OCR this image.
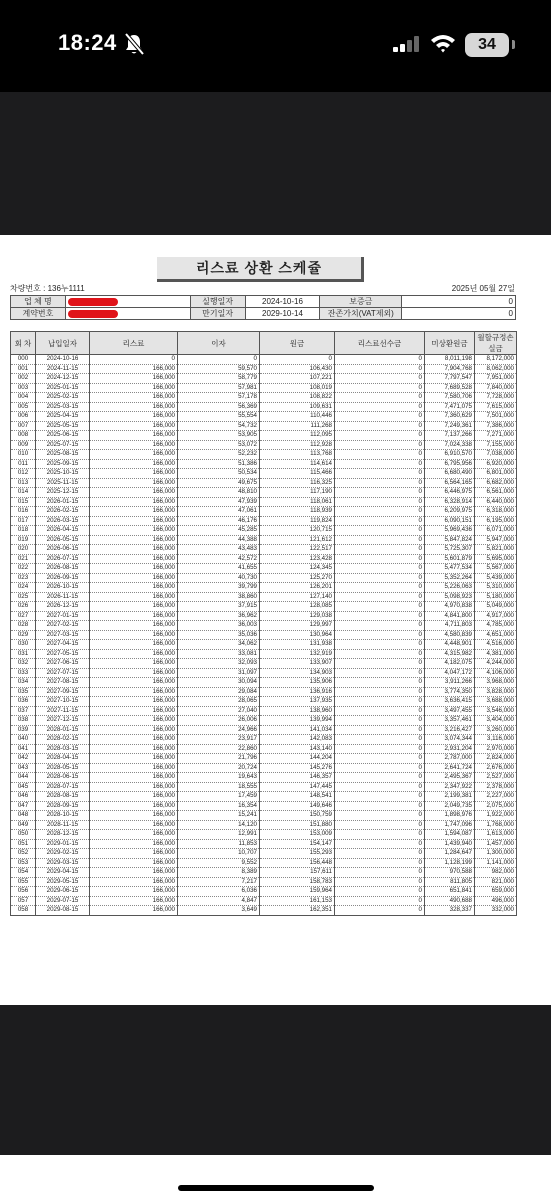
18:24	34
리스료 상환 스케쥴
차량번호 : 136누1111	2025년 05월 27일
업 체 명		실행일자	2024-10-16	보증금	0
계약번호		만기일자	2029-10-14	잔존가치(VAT제외)	0
회 차	납입일자	리스료	이자	원금	리스료선수금	미상환원금	월할규정손실금
000	2024-10-16	0	0	0	0	8,011,198	8,172,000
001	2024-11-15	166,000	59,570	106,430	0	7,904,768	8,062,000
002	2024-12-15	166,000	58,779	107,221	0	7,797,547	7,951,000
003	2025-01-15	166,000	57,981	108,019	0	7,689,528	7,840,000
004	2025-02-15	166,000	57,178	108,822	0	7,580,706	7,728,000
005	2025-03-15	166,000	56,369	109,631	0	7,471,075	7,615,000
006	2025-04-15	166,000	55,554	110,446	0	7,360,629	7,501,000
007	2025-05-15	166,000	54,732	111,268	0	7,249,361	7,386,000
008	2025-06-15	166,000	53,905	112,095	0	7,137,266	7,271,000
009	2025-07-15	166,000	53,072	112,928	0	7,024,338	7,155,000
010	2025-08-15	166,000	52,232	113,768	0	6,910,570	7,038,000
011	2025-09-15	166,000	51,386	114,614	0	6,795,956	6,920,000
012	2025-10-15	166,000	50,534	115,466	0	6,680,490	6,801,000
013	2025-11-15	166,000	49,675	116,325	0	6,564,165	6,682,000
014	2025-12-15	166,000	48,810	117,190	0	6,446,975	6,561,000
015	2026-01-15	166,000	47,939	118,061	0	6,328,914	6,440,000
016	2026-02-15	166,000	47,061	118,939	0	6,209,975	6,318,000
017	2026-03-15	166,000	46,176	119,824	0	6,090,151	6,195,000
018	2026-04-15	166,000	45,285	120,715	0	5,969,436	6,071,000
019	2026-05-15	166,000	44,388	121,612	0	5,847,824	5,947,000
020	2026-06-15	166,000	43,483	122,517	0	5,725,307	5,821,000
021	2026-07-15	166,000	42,572	123,428	0	5,601,879	5,695,000
022	2026-08-15	166,000	41,655	124,345	0	5,477,534	5,567,000
023	2026-09-15	166,000	40,730	125,270	0	5,352,264	5,439,000
024	2026-10-15	166,000	39,799	126,201	0	5,226,063	5,310,000
025	2026-11-15	166,000	38,860	127,140	0	5,098,923	5,180,000
026	2026-12-15	166,000	37,915	128,085	0	4,970,838	5,049,000
027	2027-01-15	166,000	36,962	129,038	0	4,841,800	4,917,000
028	2027-02-15	166,000	36,003	129,997	0	4,711,803	4,785,000
029	2027-03-15	166,000	35,036	130,964	0	4,580,839	4,651,000
030	2027-04-15	166,000	34,062	131,938	0	4,448,901	4,516,000
031	2027-05-15	166,000	33,081	132,919	0	4,315,982	4,381,000
032	2027-06-15	166,000	32,093	133,907	0	4,182,075	4,244,000
033	2027-07-15	166,000	31,097	134,903	0	4,047,172	4,106,000
034	2027-08-15	166,000	30,094	135,906	0	3,911,266	3,968,000
035	2027-09-15	166,000	29,084	136,916	0	3,774,350	3,828,000
036	2027-10-15	166,000	28,065	137,935	0	3,636,415	3,688,000
037	2027-11-15	166,000	27,040	138,960	0	3,497,455	3,546,000
038	2027-12-15	166,000	26,006	139,994	0	3,357,461	3,404,000
039	2028-01-15	166,000	24,966	141,034	0	3,216,427	3,260,000
040	2028-02-15	166,000	23,917	142,083	0	3,074,344	3,116,000
041	2028-03-15	166,000	22,860	143,140	0	2,931,204	2,970,000
042	2028-04-15	166,000	21,796	144,204	0	2,787,000	2,824,000
043	2028-05-15	166,000	20,724	145,276	0	2,641,724	2,676,000
044	2028-06-15	166,000	19,643	146,357	0	2,495,367	2,527,000
045	2028-07-15	166,000	18,555	147,445	0	2,347,922	2,378,000
046	2028-08-15	166,000	17,459	148,541	0	2,199,381	2,227,000
047	2028-09-15	166,000	16,354	149,646	0	2,049,735	2,075,000
048	2028-10-15	166,000	15,241	150,759	0	1,898,976	1,922,000
049	2028-11-15	166,000	14,120	151,880	0	1,747,096	1,768,000
050	2028-12-15	166,000	12,991	153,009	0	1,594,087	1,613,000
051	2029-01-15	166,000	11,853	154,147	0	1,439,940	1,457,000
052	2029-02-15	166,000	10,707	155,293	0	1,284,647	1,300,000
053	2029-03-15	166,000	9,552	156,448	0	1,128,199	1,141,000
054	2029-04-15	166,000	8,389	157,611	0	970,588	982,000
055	2029-05-15	166,000	7,217	158,783	0	811,805	821,000
056	2029-06-15	166,000	6,036	159,964	0	651,841	659,000
057	2029-07-15	166,000	4,847	161,153	0	490,688	496,000
058	2029-08-15	166,000	3,649	162,351	0	328,337	332,000
